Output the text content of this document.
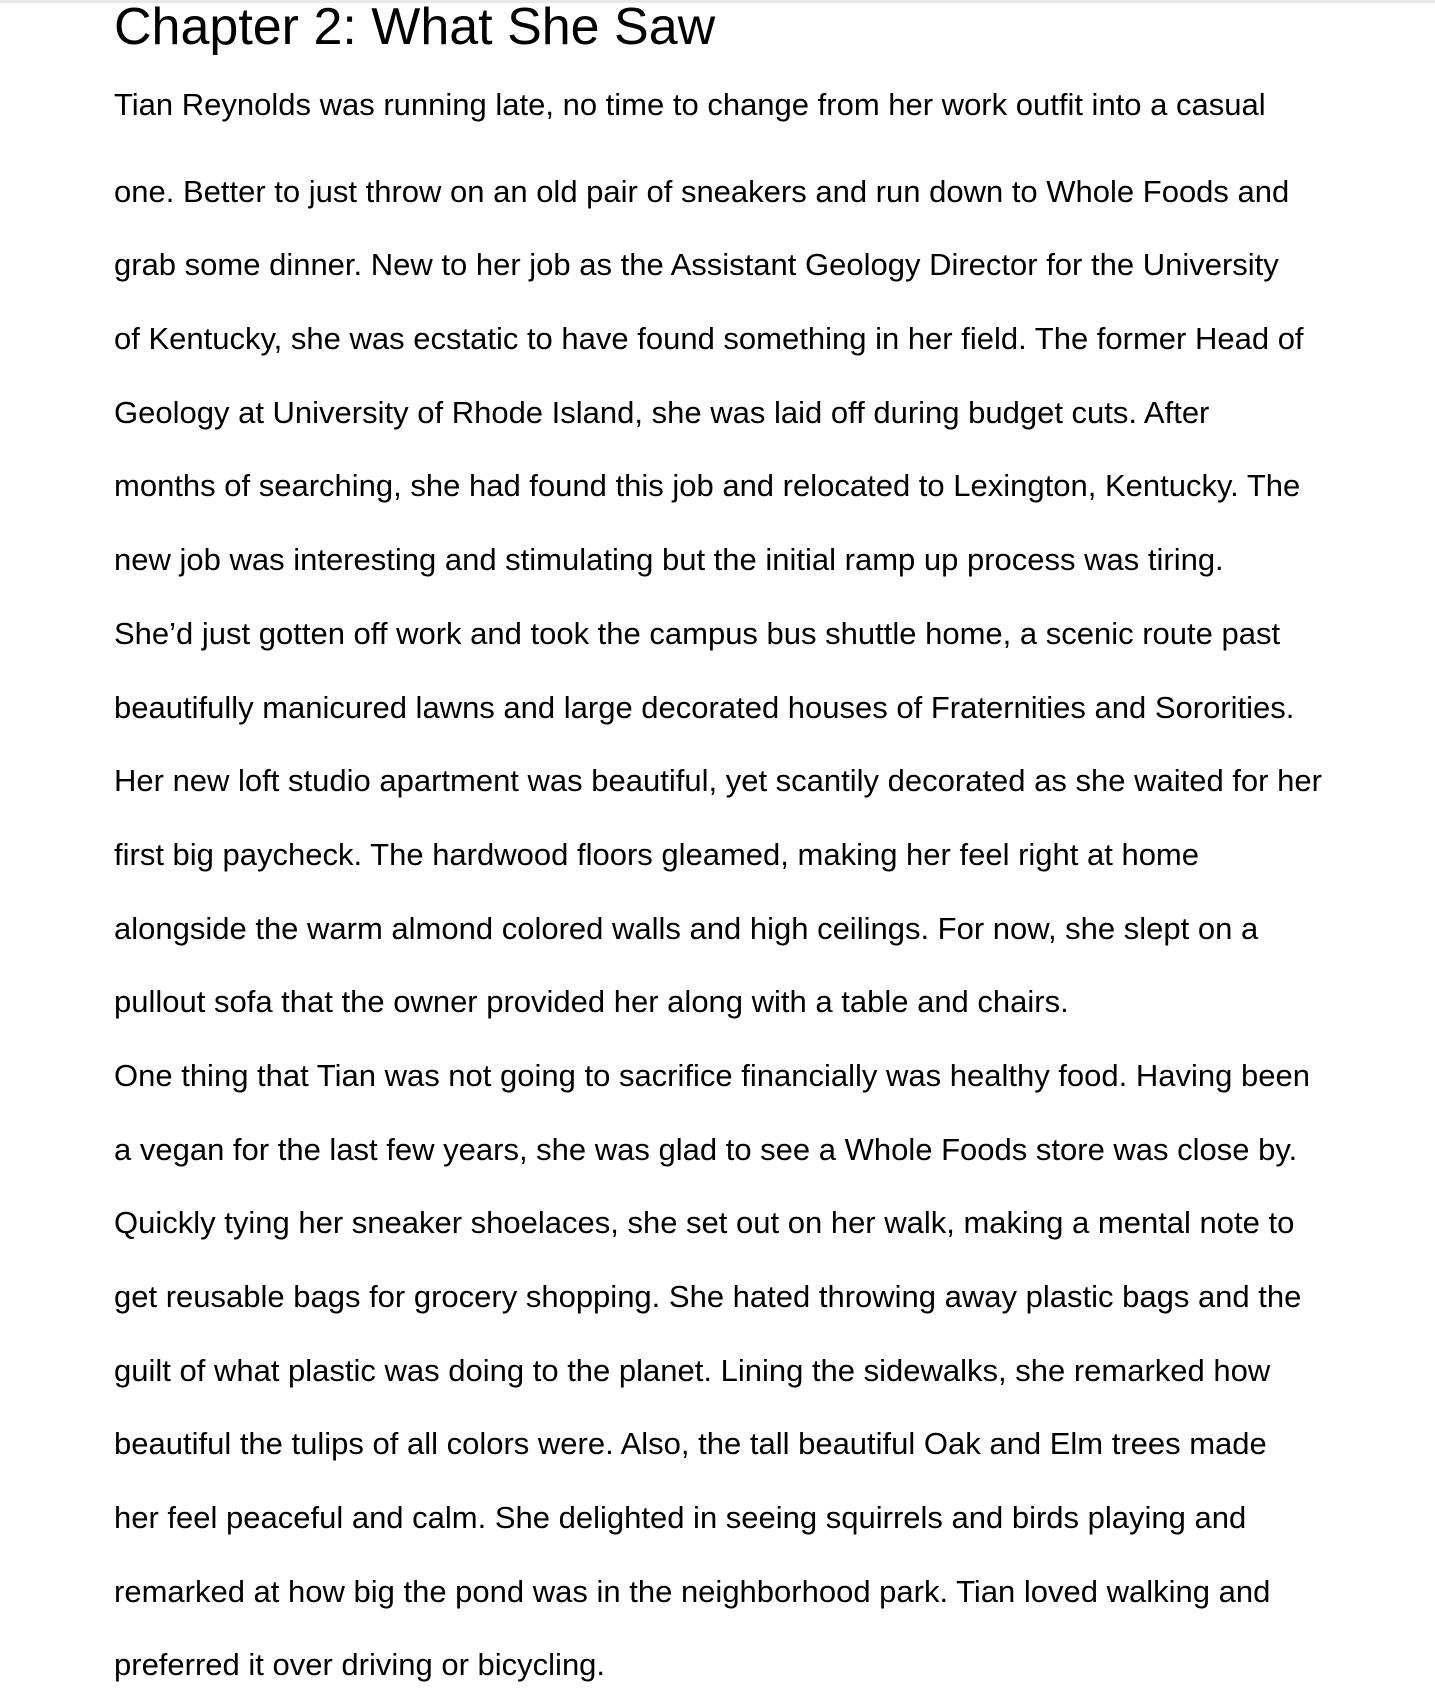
Chapter 2: What She Saw
Tian Reynolds was running late, no time to change from her work outfit into a casual
one. Better to just throw on an old pair of sneakers and run down to Whole Foods and
grab some dinner. New to her job as the Assistant Geology Director for the University
of Kentucky, she was ecstatic to have found something in her field. The former Head of
Geology at University of Rhode Island, she was laid off during budget cuts. After
months of searching, she had found this job and relocated to Lexington, Kentucky. The
new job was interesting and stimulating but the initial ramp up process was tiring.
She’d just gotten off work and took the campus bus shuttle home, a scenic route past
beautifully manicured lawns and large decorated houses of Fraternities and Sororities.
Her new loft studio apartment was beautiful, yet scantily decorated as she waited for her
first big paycheck. The hardwood floors gleamed, making her feel right at home
alongside the warm almond colored walls and high ceilings. For now, she slept on a
pullout sofa that the owner provided her along with a table and chairs.
One thing that Tian was not going to sacrifice financially was healthy food. Having been
a vegan for the last few years, she was glad to see a Whole Foods store was close by.
Quickly tying her sneaker shoelaces, she set out on her walk, making a mental note to
get reusable bags for grocery shopping. She hated throwing away plastic bags and the
guilt of what plastic was doing to the planet. Lining the sidewalks, she remarked how
beautiful the tulips of all colors were. Also, the tall beautiful Oak and Elm trees made
her feel peaceful and calm. She delighted in seeing squirrels and birds playing and
remarked at how big the pond was in the neighborhood park. Tian loved walking and
preferred it over driving or bicycling.
